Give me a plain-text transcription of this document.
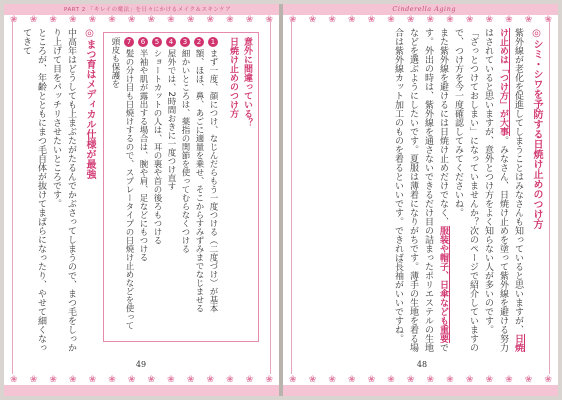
❀ ❀ ❀ ❀ ❀ ❀ ❀ ❀ ❀ ❀ ❀ ❀ ❀ ❀
PART 2 「キレイの魔法」を日々にかけるメイク＆スキンケア
意外に間違っている？
日焼け止めのつけ方
1まず一度、顔につけ、なじんだらもう一度つける（二度づけ）が基本
2額、ほほ、鼻、あごに適量を乗せ、そこからすみずみまでなじませる
3細かいところは、薬指の関節を使ってむらなくつける
4屋外では、2時間おきに一度つけ直す
5ショートカットの人は、耳の裏や首の後ろもつける
6半袖や肌が露出する場合は、腕や肩、足などにもつける
7髪の分け目も日焼けするので、スプレータイプの日焼け止めなどを使って頭皮も保護を
◎まつ育はメディカル仕様が最強
中高年はどうしても上まぶたがたるんでかぶさってしまうので、まつ毛をしっかり上げて目をパッチリさせたいところです。
ところが、年齢とともにまつ毛自体が抜けてまばらになったり、やせて細くなってきて
49
❀ ❀ ❀ ❀ ❀ ❀ ❀ ❀ ❀ ❀ ❀ ❀ ❀ ❀
❀ ❀ ❀ ❀ ❀ ❀ ❀ ❀ ❀ ❀ ❀ ❀ ❀ ❀
Cinderella Aging
◎シミ・シワを予防する日焼け止めのつけ方
紫外線が老化を促進してしまうことはみなさんも知っていると思いますが、日焼け止めは「つけ方」が大事。みなさん、日焼け止めを塗って紫外線を避ける努力はされていると思いますが、意外とつけ方をよく知らない人が多いのです。
「ざっとつけておしまい」になっていませんか？次のページで紹介していますので、つけ方を今一度確認してみてくださいね。
また紫外線を避けるには日焼け止めだけでなく、服装や帽子、日傘なども重要です。外出の時は、紫外線を通さないできるだけ目の詰まったポリエステルの生地などを選ぶようにしたいです。夏服は薄着になりがちです。薄手の生地を着る場合は紫外線カット加工のものを着るといいです。できれば長袖がいいですね。
48
❀ ❀ ❀ ❀ ❀ ❀ ❀ ❀ ❀ ❀ ❀ ❀ ❀ ❀
